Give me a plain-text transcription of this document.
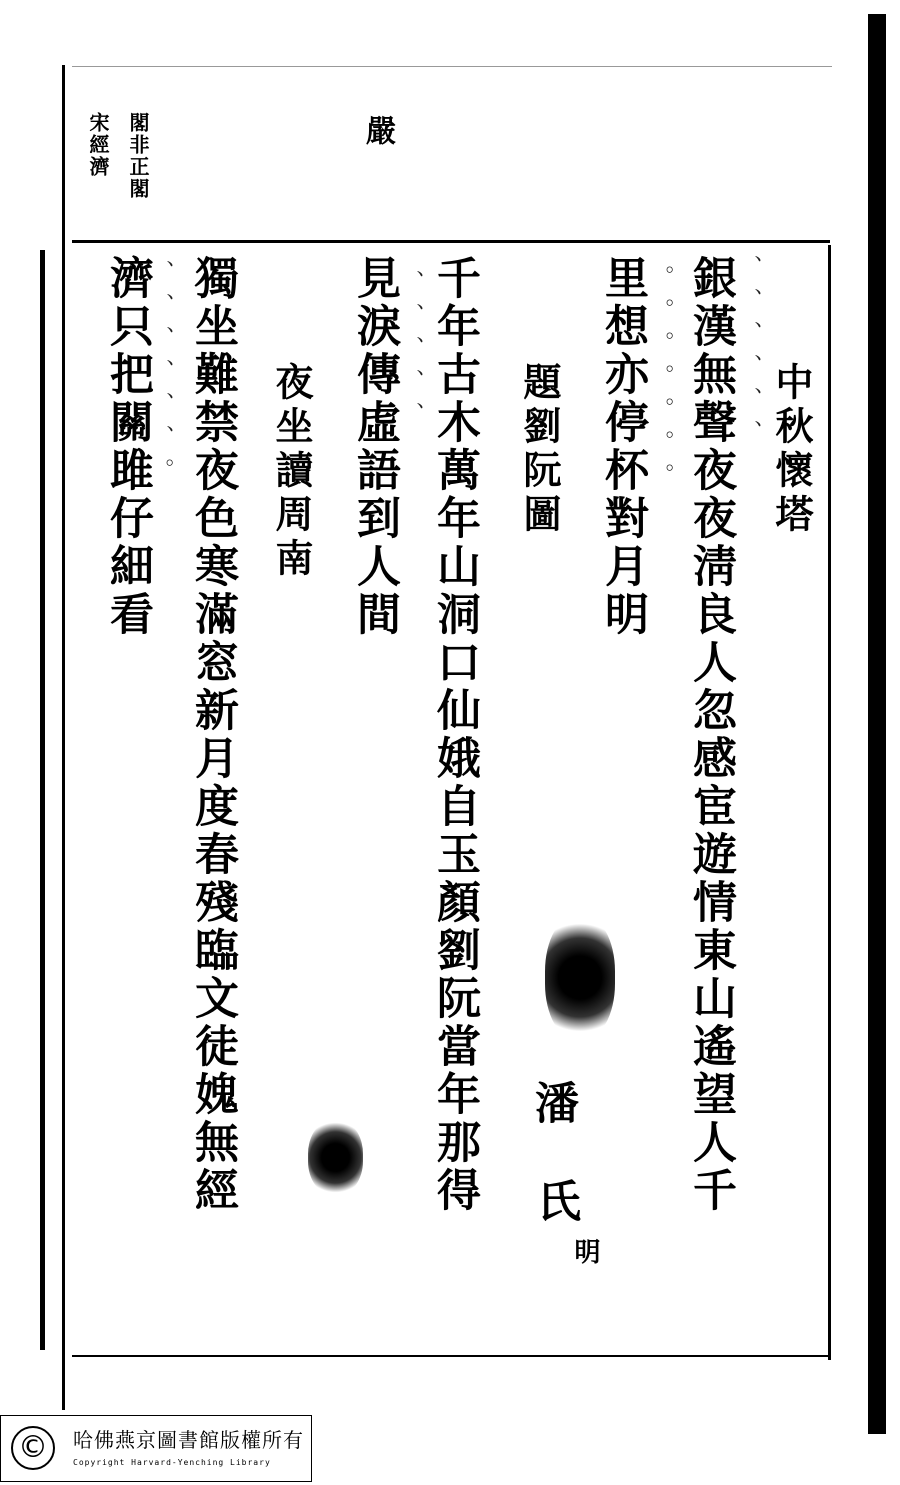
閣非正閣
宋經濟	嚴
中秋懷塔
銀漢無聲夜夜淸良人忽感宦遊情東山遙望人千
里想亦停杯對月明
題劉阮圖
千年古木萬年山洞口仙娥自玉顏劉阮當年那得
見淚傳虛語到人間
夜坐讀周南
獨坐難禁夜色寒滿窓新月度春殘臨文徒媿無經
濟只把關雎仔細看	、、、、、、
。。。。。。。
、、、、、
、、、、、、。
潘
氏
明
©	哈佛燕京圖書館版權所有
Copyright Harvard-Yenching Library
